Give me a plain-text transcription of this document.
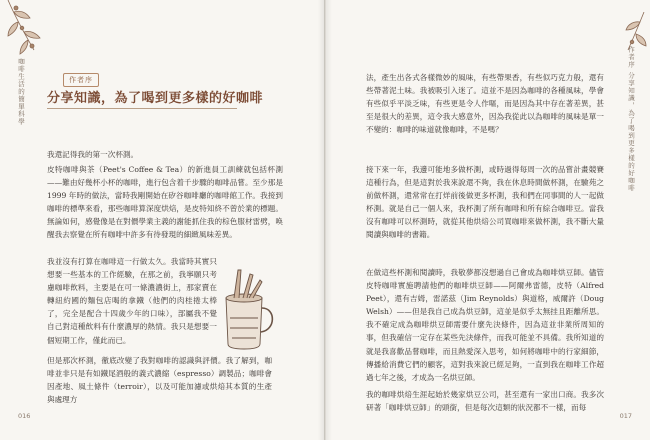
咖啡生活的簡單科學	作者序
分享知識，為了喝到更多樣的好咖啡

我還記得我的第一次杯測。

皮特咖啡與茶（Peet's Coffee & Tea）的新進員工訓練就包括杯測——難由好幾杯小杯的咖啡，進行包含着千步驟的咖啡品嘗。至少那是 1999 年時的做法，當時我剛開始在矽谷咖啡廳的咖啡館工作。我接到咖啡的標準來看，那些咖啡算深度烘焙，是皮特知終不曾於業的標題。無論如何，感覺像是在對價學業主義的謝能抓住我的棕色服材雷劈，唤醒我去察覺在所有咖啡中許多有待發現的細緻風味差異。

我並沒有打算在咖啡這一行做太久。我當時其實只想要一些基本的工作經驗，在那之前，我寧願只考慮咖啡飲料，主要是在可一條濃濃街上，那家賣在轉紐約國的麵包店喝的拿鐵（他們的肉桂捲太棒了，完全是配合十四歲少年的口味），部屬我不覺自己對這種飲料有什麼濃厚的熱情。我只是想要一個短期工作，僅此而已。

但是那次杯測，徹底改變了我對咖啡的認識與評價。我了解到，咖啡並非只是有如鐵尾酒般的義式濃縮（espresso）調製品；咖啡會因產地、風土條件（terroir），以及可能加濾或烘焙其本質的生產與處理方

016
作者序 分享知識，為了喝到更多樣的好咖啡

法，產生出各式各樣微妙的風味，有些帶果香，有些似巧克力般，還有些帶著泥土味。我被吸引入迷了。這並不是因為咖啡的各種風味，學會有些似乎平淡乏味，有些更是令人作嘔，而是因為其中存在著差異，甚至是很大的差異，這令我大感意外，因為我從此以為咖啡的風味是單一不變的：咖啡的味道就像咖啡，不是嗎？

接下來一年，我邊可能地多做杯測，或時過得每周一次的品嘗計畫競賽這種行為，但是這對於我來說還不夠，我在休息時間做杯測，在驗苑之前做杯測，還常常在打烊前後做更多杯測，我和們在同事間的人一起做杯測。就是自己一個人來，我杯測了所有咖啡和所有綜合咖啡豆。當我沒有咖啡可以杯測時，就從其他烘焙公司買咖啡來做杯測，我不斷大量閱讀與咖啡的書籍。

在做這些杯測和閱讀時，我敬夢都沒想過自己會成為咖啡烘豆師。儘管皮特咖啡實施聘請他們的咖啡烘豆師——阿爾弗雷德，皮特（Alfred Peet），還有吉姆，雷諾茲（Jim Reynolds）與道格，威爾許（Doug Welsh）——但是我自己成為烘豆師，這並是似乎太無挂且距離所思。我不確定成為咖啡烘豆師需要什麼先決條件，因為這並非業所周知的事，但我確信一定存在某些先決條件，而我可能並不具備。我所知道的就是我喜歡品嘗咖啡，而且熱愛深入思考，如何將咖啡中的行家細節，傳播給消費它們的顧客，這對我來說已經足夠，一直到我在咖啡工作超過七年之後，才成為一名烘豆師。

我的咖啡烘焙生涯起始於幾家烘豆公司，甚至還有一家出口商。我多次研著「咖啡烘豆師」的頭銜，但是每次這類的狀況都不一樣，而每

017
